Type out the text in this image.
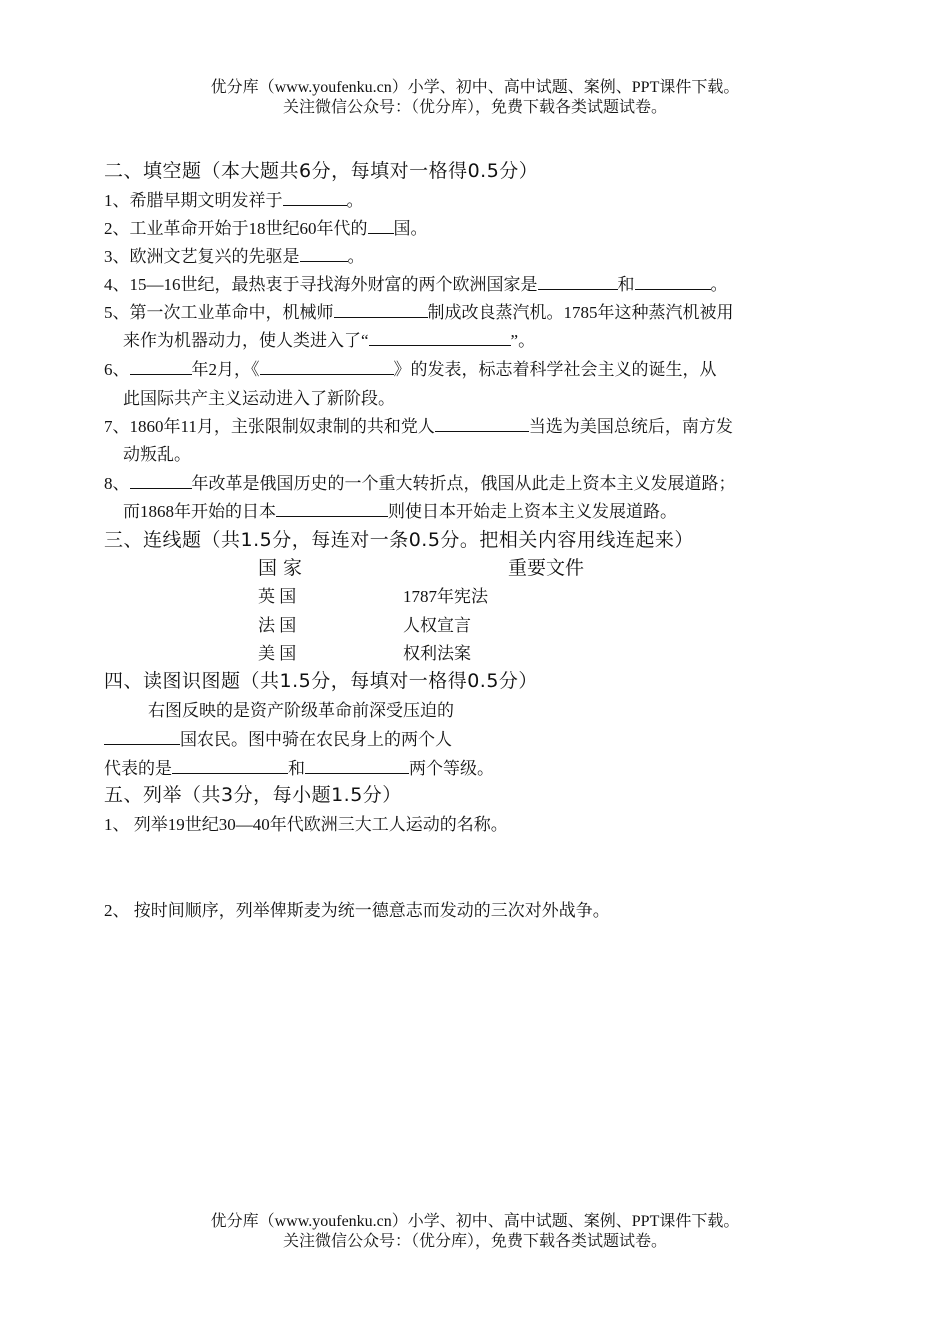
优分库（www.youfenku.cn）小学、初中、高中试题、案例、PPT课件下载。
关注微信公众号：（优分库），免费下载各类试题试卷。
二、填空题（本大题共6分，每填对一格得0.5分）
1、希腊早期文明发祥于	。
2、工业革命开始于18世纪60年代的 国。
3、欧洲文艺复兴的先驱是	。
4、15—16世纪，最热衷于寻找海外财富的两个欧洲国家是	和	。
5、第一次工业革命中，机械师	制成改良蒸汽机。1785年这种蒸汽机被用
来作为机器动力，使人类进入了“	”。
6、	年2月，《	》的发表，标志着科学社会主义的诞生，从
此国际共产主义运动进入了新阶段。
7、1860年11月，主张限制奴隶制的共和党人	当选为美国总统后，南方发
动叛乱。
8、	年改革是俄国历史的一个重大转折点，俄国从此走上资本主义发展道路；
而1868年开始的日本	则使日本开始走上资本主义发展道路。
三、连线题（共1.5分，每连对一条0.5分。把相关内容用线连起来）
国 家	重要文件
英 国	1787年宪法
法 国	人权宣言
美 国	权利法案
四、读图识图题（共1.5分，每填对一格得0.5分）
右图反映的是资产阶级革命前深受压迫的
国农民。图中骑在农民身上的两个人
代表的是	和	两个等级。
五、列举（共3分，每小题1.5分）
1、 列举19世纪30—40年代欧洲三大工人运动的名称。
2、 按时间顺序，列举俾斯麦为统一德意志而发动的三次对外战争。
优分库（www.youfenku.cn）小学、初中、高中试题、案例、PPT课件下载。
关注微信公众号：（优分库），免费下载各类试题试卷。
